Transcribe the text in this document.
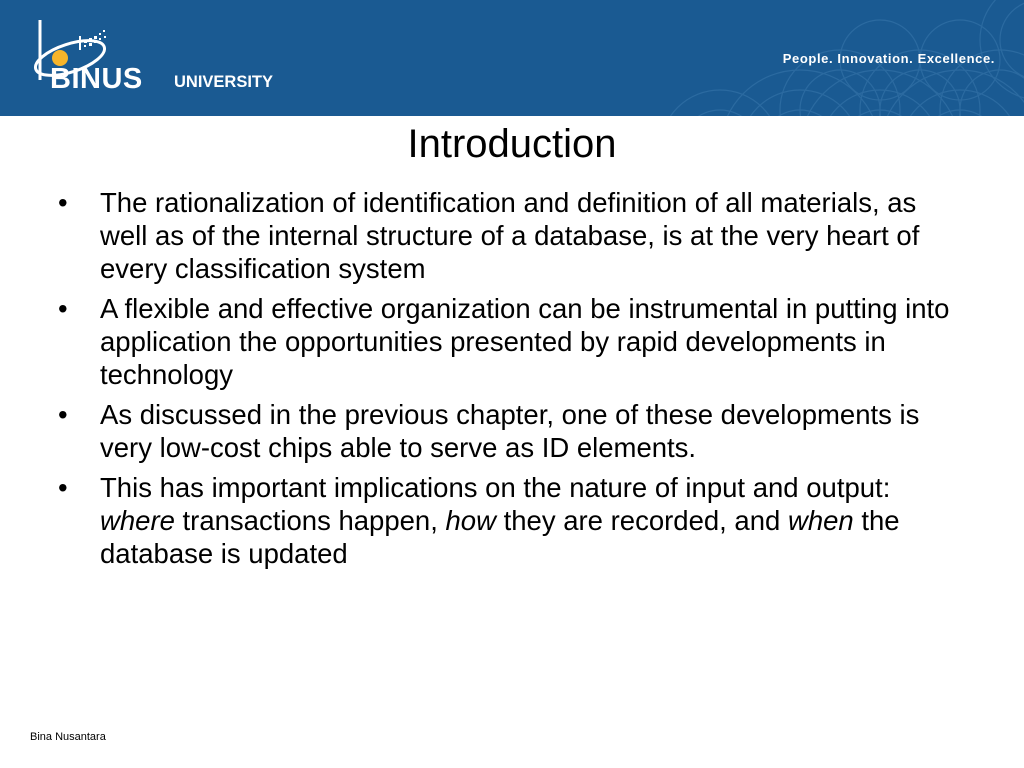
BINUS UNIVERSITY
People. Innovation. Excellence.
Introduction
• The rationalization of identification and definition of all materials, as well as of the internal structure of a database, is at the very heart of every classification system
• A flexible and effective organization can be instrumental in putting into application the opportunities presented by rapid developments in technology
• As discussed in the previous chapter, one of these developments is very low-cost chips able to serve as ID elements.
• This has important implications on the nature of input and output: where transactions happen, how they are recorded, and when the database is updated
Bina Nusantara
